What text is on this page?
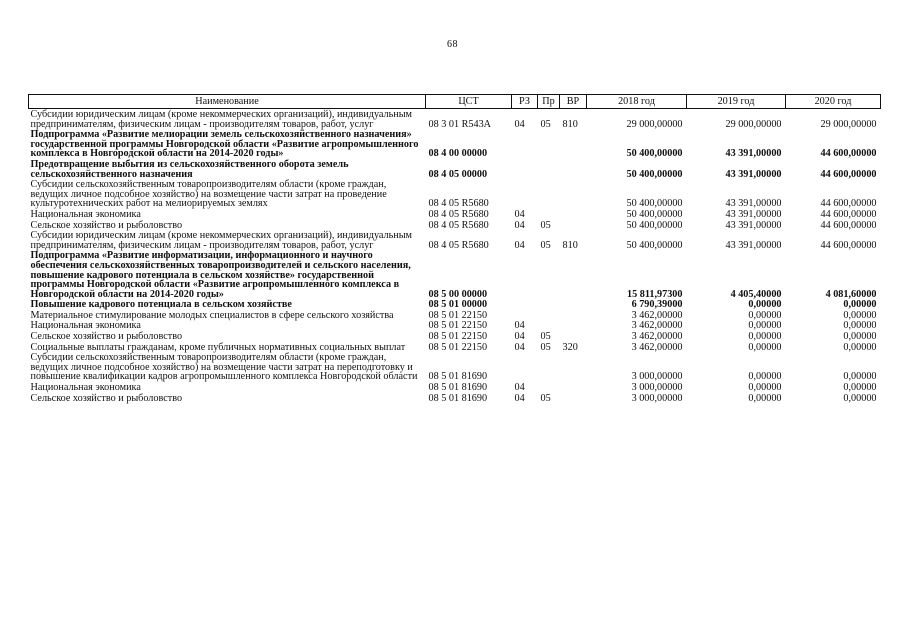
68
Наименование	ЦСТ	РЗ	Пр	ВР	2018 год	2019 год	2020 год
Субсидии юридическим лицам (кроме некоммерческих организаций), индивидуальным предпринимателям, физическим лицам - производителям товаров, работ, услуг	08 3 01 R543A	04	05	810	29 000,00000	29 000,00000	29 000,00000
Подпрограмма «Развитие мелиорации земель сельскохозяйственного назначения» государственной программы Новгородской области «Развитие агропромышленного комплекса в Новгородской области на 2014-2020 годы»	08 4 00 00000				50 400,00000	43 391,00000	44 600,00000
Предотвращение выбытия из сельскохозяйственного оборота земель сельскохозяйственного назначения	08 4 05 00000				50 400,00000	43 391,00000	44 600,00000
Субсидии сельскохозяйственным товаропроизводителям области (кроме граждан, ведущих личное подсобное хозяйство) на возмещение части затрат на проведение культуротехнических работ на мелиорируемых землях	08 4 05 R5680				50 400,00000	43 391,00000	44 600,00000
Национальная экономика	08 4 05 R5680	04			50 400,00000	43 391,00000	44 600,00000
Сельское хозяйство и рыболовство	08 4 05 R5680	04	05		50 400,00000	43 391,00000	44 600,00000
Субсидии юридическим лицам (кроме некоммерческих организаций), индивидуальным предпринимателям, физическим лицам - производителям товаров, работ, услуг	08 4 05 R5680	04	05	810	50 400,00000	43 391,00000	44 600,00000
Подпрограмма «Развитие информатизации, информационного и научного обеспечения сельскохозяйственных товаропроизводителей и сельского населения, повышение кадрового потенциала в сельском хозяйстве» государственной программы Новгородской области «Развитие агропромышленного комплекса в Новгородской области на 2014-2020 годы»	08 5 00 00000				15 811,97300	4 405,40000	4 081,60000
Повышение кадрового потенциала в сельском хозяйстве	08 5 01 00000				6 790,39000	0,00000	0,00000
Материальное стимулирование молодых специалистов в сфере сельского хозяйства	08 5 01 22150				3 462,00000	0,00000	0,00000
Национальная экономика	08 5 01 22150	04			3 462,00000	0,00000	0,00000
Сельское хозяйство и рыболовство	08 5 01 22150	04	05		3 462,00000	0,00000	0,00000
Социальные выплаты гражданам, кроме публичных нормативных социальных выплат	08 5 01 22150	04	05	320	3 462,00000	0,00000	0,00000
Субсидии сельскохозяйственным товаропроизводителям области (кроме граждан, ведущих личное подсобное хозяйство) на возмещение части затрат на переподготовку и повышение квалификации кадров агропромышленного комплекса Новгородской области	08 5 01 81690				3 000,00000	0,00000	0,00000
Национальная экономика	08 5 01 81690	04			3 000,00000	0,00000	0,00000
Сельское хозяйство и рыболовство	08 5 01 81690	04	05		3 000,00000	0,00000	0,00000
